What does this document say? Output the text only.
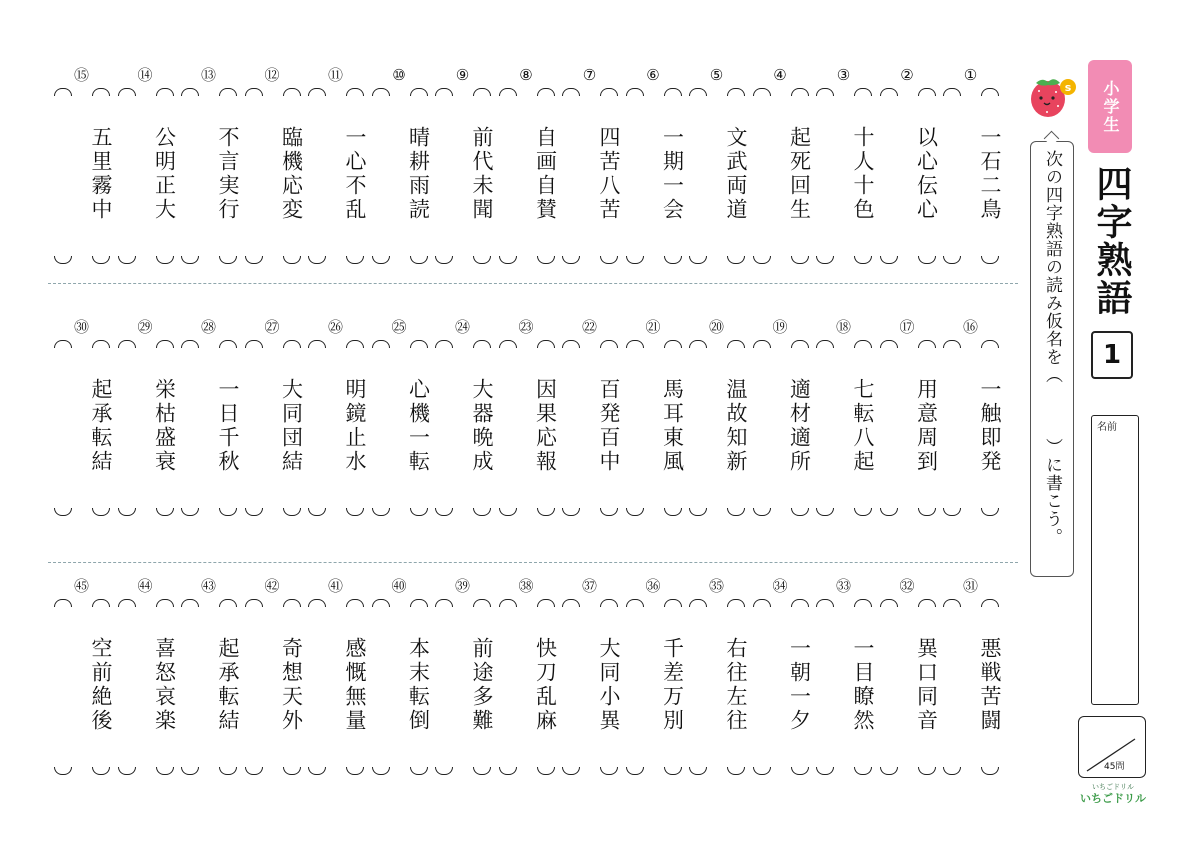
①
一石二鳥
②
以心伝心
③
十人十色
④
起死回生
⑤
文武両道
⑥
一期一会
⑦
四苦八苦
⑧
自画自賛
⑨
前代未聞
⑩
晴耕雨読
⑪
一心不乱
⑫
臨機応変
⑬
不言実行
⑭
公明正大
⑮
五里霧中
⑯
一触即発
⑰
用意周到
⑱
七転八起
⑲
適材適所
⑳
温故知新
㉑
馬耳東風
㉒
百発百中
㉓
因果応報
㉔
大器晩成
㉕
心機一転
㉖
明鏡止水
㉗
大同団結
㉘
一日千秋
㉙
栄枯盛衰
㉚
起承転結
㉛
悪戦苦闘
㉜
異口同音
㉝
一目瞭然
㉞
一朝一夕
㉟
右往左往
㊱
千差万別
㊲
大同小異
㊳
快刀乱麻
㊴
前途多難
㊵
本末転倒
㊶
感慨無量
㊷
奇想天外
㊸
起承転結
㊹
喜怒哀楽
㊺
空前絶後
小学生
四字熟語
1
s
次の四字熟語の読み仮名を（　　　）に書こう。	名前
45問
いちごドリル
いちごドリル
